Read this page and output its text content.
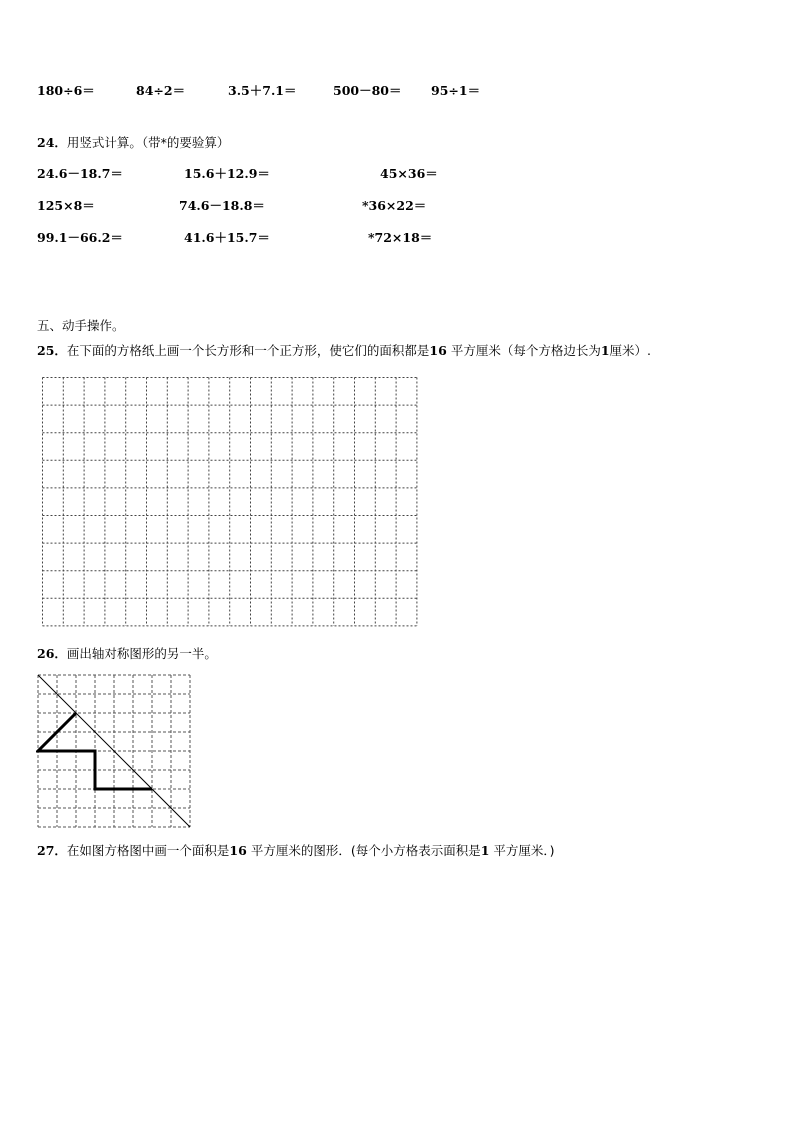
180÷6＝	84÷2＝	3.5＋7.1＝	500－80＝ 95÷1＝
24．用竖式计算。（带*的要验算）
24.6－18.7＝	15.6＋12.9＝	45×36＝
125×8＝	74.6－18.8＝	*36×22＝
99.1－66.2＝	41.6＋15.7＝	*72×18＝
五、动手操作。
25．在下面的方格纸上画一个长方形和一个正方形，使它们的面积都是16 平方厘米（每个方格边长为1厘米）.
26．画出轴对称图形的另一半。
27．在如图方格图中画一个面积是16 平方厘米的图形．(每个小方格表示面积是1 平方厘米．)
